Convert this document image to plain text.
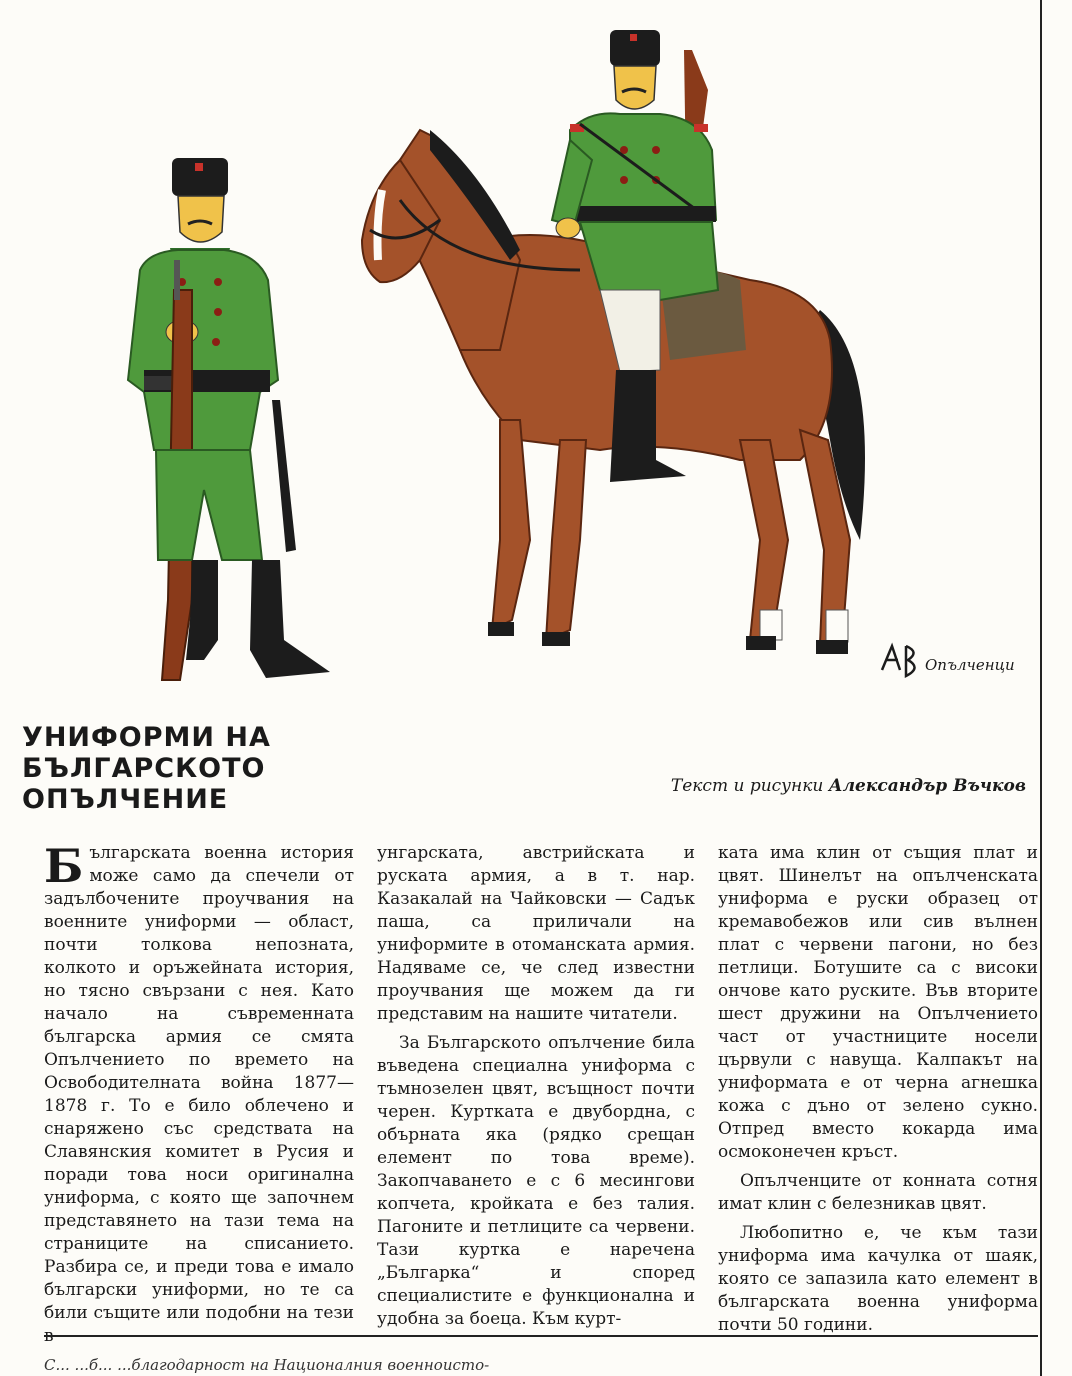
Опълченци
УНИФОРМИ НА
БЪЛГАРСКОТО
ОПЪЛЧЕНИЕ	Текст и рисунки Александър Въчков

Българската военна история може само да спечели от задълбочените проучвания на военните униформи — област, почти толкова непозната, колкото и оръжейната история, но тясно свързани с нея. Като начало на съвременната българска армия се смята Опълчението по времето на Освободителната война 1877—1878 г. То е било облечено и снаряжено със средствата на Славянския комитет в Русия и поради това носи оригинална униформа, с която ще започнем представянето на тази тема на страниците на списанието. Разбира се, и преди това е имало български униформи, но те са били същите или подобни на тези

унгарската, австрийската и руската армия, а в т. нар. Казакалай на Чайковски — Садък паша, са приличали на униформите в отоманската армия. Надяваме се, че след известни проучвания ще можем да ги представим на нашите читатели.

За Българското опълчение била въведена специална униформа с тъмнозелен цвят, всъщност почти черен. Куртката е двубордна, с обърната яка (рядко срещан елемент по това време). Закопчаването е с 6 месингови копчета, кройката е без талия. Пагоните и петлиците са червени. Тази куртка е наречена „Българка“ и според специалистите е функционална и удобна за боеца. Към курт-

ката има клин от същия плат и цвят. Шинелът на опълченската униформа е руски образец от кремавобежов или сив вълнен плат с червени пагони, но без петлици. Ботушите са с високи ончове като руските. Във вторите шест дружини на Опълчението част от участниците носели цървули с навуща. Калпакът на униформата е от черна агнешка кожа с дъно от зелено сукно. Отпред вместо кокарда има осмоконечен кръст.

Опълченците от конната сотня имат клин с белезникав цвят.

Любопитно е, че към тази униформа има качулка от шаяк, която се запазила като елемент в българската военна униформа почти 50 години.

С... ...б... ...благодарност на Националния военноисто-
